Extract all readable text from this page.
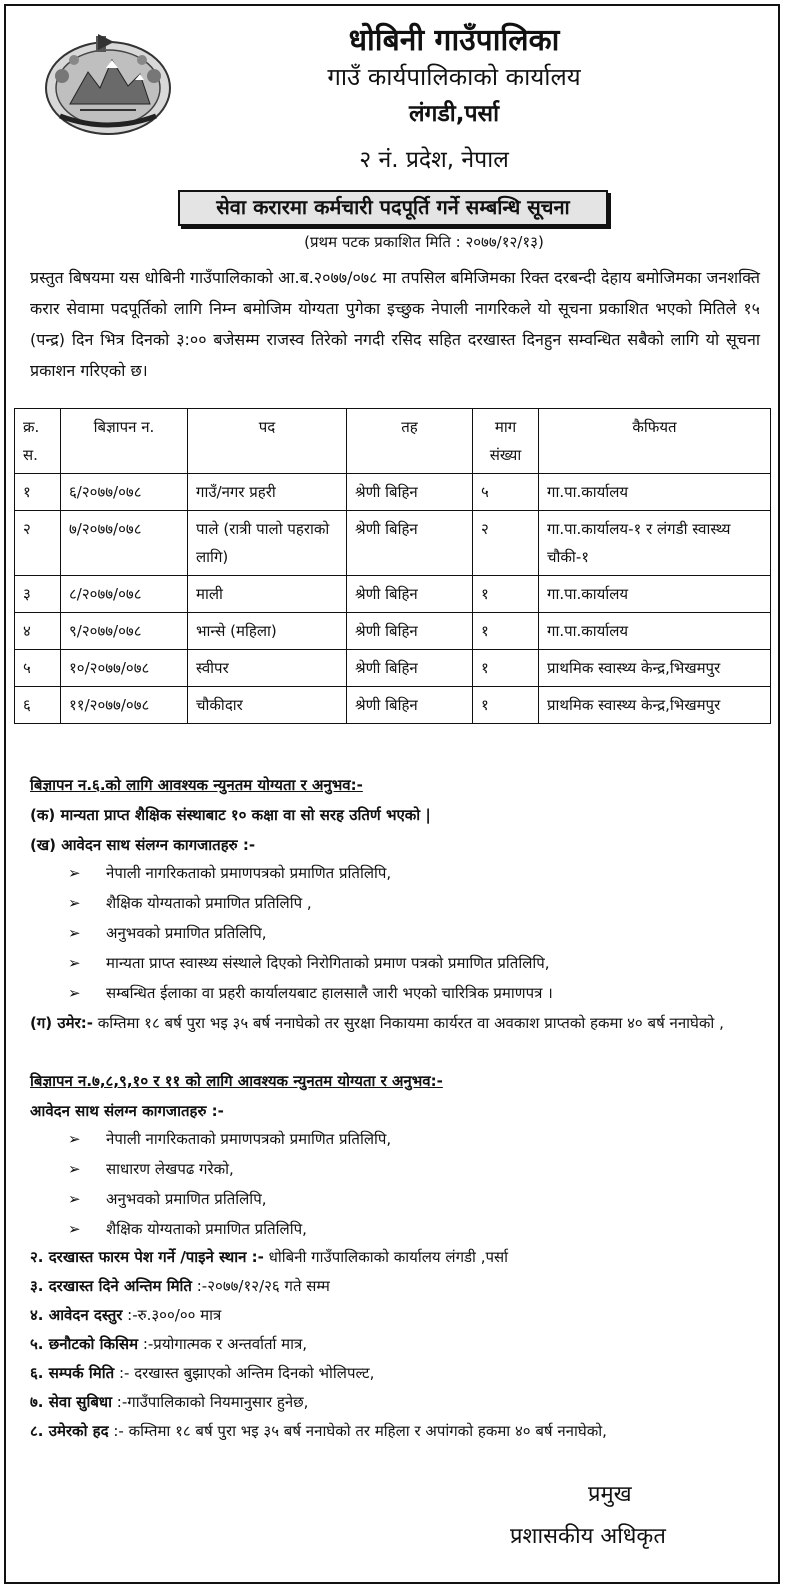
धोबिनी गाउँपालिका
गाउँ कार्यपालिकाको कार्यालय
लंगडी,पर्सा
२ नं. प्रदेश, नेपाल
सेवा करारमा कर्मचारी पदपूर्ति गर्ने सम्बन्धि सूचना
(प्रथम पटक प्रकाशित मिति : २०७७/१२/१३)
प्रस्तुत बिषयमा यस धोबिनी गाउँपालिकाको आ.ब.२०७७/०७८ मा तपसिल बमिजिमका रिक्त दरबन्दी देहाय बमोजिमका जनशक्ति करार सेवामा पदपूर्तिको लागि निम्न बमोजिम योग्यता पुगेका इच्छुक नेपाली नागरिकले यो सूचना प्रकाशित भएको मितिले १५ (पन्द्र) दिन भित्र दिनको ३:०० बजेसम्म राजस्व तिरेको नगदी रसिद सहित दरखास्त दिनहुन सम्वन्धित सबैको लागि यो सूचना प्रकाशन गरिएको छ।
क्र. स.	बिज्ञापन न.	पद	तह	माग संख्या	कैफियत
१	६/२०७७/०७८	गाउँ/नगर प्रहरी	श्रेणी बिहिन	५	गा.पा.कार्यालय
२	७/२०७७/०७८	पाले (रात्री पालो पहराको लागि)	श्रेणी बिहिन	२	गा.पा.कार्यालय-१ र लंगडी स्वास्थ्य चौकी-१
३	८/२०७७/०७८	माली	श्रेणी बिहिन	१	गा.पा.कार्यालय
४	९/२०७७/०७८	भान्से (महिला)	श्रेणी बिहिन	१	गा.पा.कार्यालय
५	१०/२०७७/०७८	स्वीपर	श्रेणी बिहिन	१	प्राथमिक स्वास्थ्य केन्द्र,भिखमपुर
६	११/२०७७/०७८	चौकीदार	श्रेणी बिहिन	१	प्राथमिक स्वास्थ्य केन्द्र,भिखमपुर
बिज्ञापन न.६.को लागि आवश्यक न्युनतम योग्यता र अनुभव:-
(क) मान्यता प्राप्त शैक्षिक संस्थाबाट १० कक्षा वा सो सरह उतिर्ण भएको |
(ख) आवेदन साथ संलग्न कागजातहरु :-
➢ नेपाली नागरिकताको प्रमाणपत्रको प्रमाणित प्रतिलिपि,
➢ शैक्षिक योग्यताको प्रमाणित प्रतिलिपि ,
➢ अनुभवको प्रमाणित प्रतिलिपि,
➢ मान्यता प्राप्त स्वास्थ्य संस्थाले दिएको निरोगिताको प्रमाण पत्रको प्रमाणित प्रतिलिपि,
➢ सम्बन्धित ईलाका वा प्रहरी कार्यालयबाट हालसालै जारी भएको चारित्रिक प्रमाणपत्र ।
(ग) उमेर:- कम्तिमा १८ बर्ष पुरा भइ ३५ बर्ष ननाघेको तर सुरक्षा निकायमा कार्यरत वा अवकाश प्राप्तको हकमा ४० बर्ष ननाघेको ,
बिज्ञापन न.७,८,९,१० र ११ को लागि आवश्यक न्युनतम योग्यता र अनुभव:-
आवेदन साथ संलग्न कागजातहरु :-
➢ नेपाली नागरिकताको प्रमाणपत्रको प्रमाणित प्रतिलिपि,
➢ साधारण लेखपढ गरेको,
➢ अनुभवको प्रमाणित प्रतिलिपि,
➢ शैक्षिक योग्यताको प्रमाणित प्रतिलिपि,
२. दरखास्त फारम पेश गर्ने /पाइने स्थान :- धोबिनी गाउँपालिकाको कार्यालय लंगडी ,पर्सा
३. दरखास्त दिने अन्तिम मिति :-२०७७/१२/२६ गते सम्म
४. आवेदन दस्तुर :-रु.३००/०० मात्र
५. छनौटको किसिम :-प्रयोगात्मक र अन्तर्वार्ता मात्र,
६. सम्पर्क मिति :- दरखास्त बुझाएको अन्तिम दिनको भोलिपल्ट,
७. सेवा सुबिधा :-गाउँपालिकाको नियमानुसार हुनेछ,
८. उमेरको हद :- कम्तिमा १८ बर्ष पुरा भइ ३५ बर्ष ननाघेको तर महिला र अपांगको हकमा ४० बर्ष ननाघेको,
प्रमुख
प्रशासकीय अधिकृत
